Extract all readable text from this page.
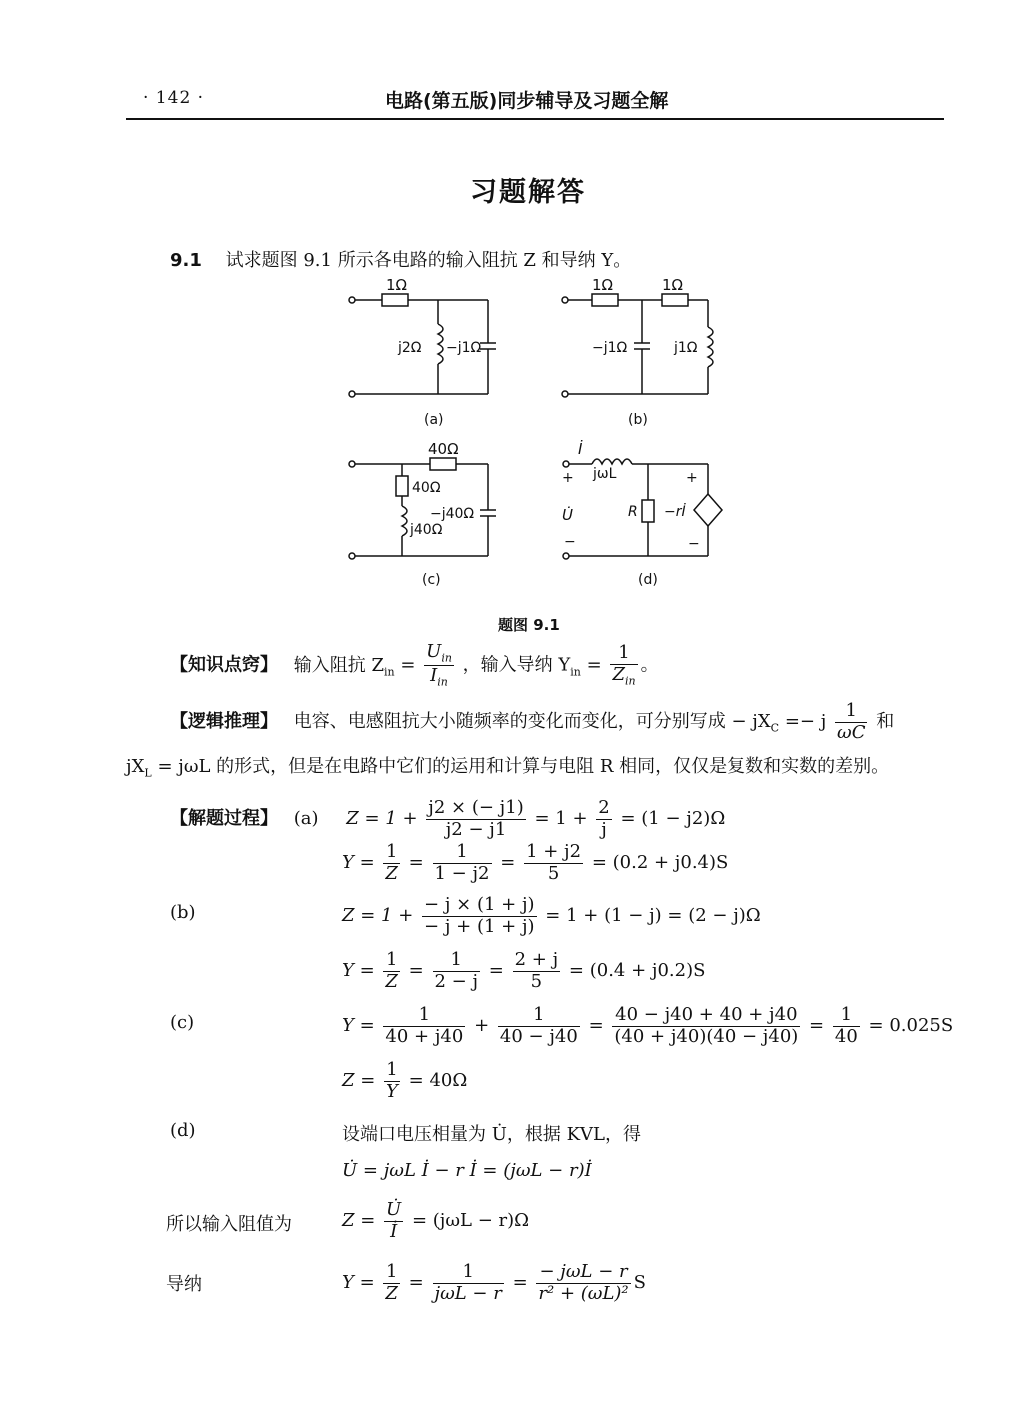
· 142 ·	电路(第五版)同步辅导及习题全解
习题解答
9.1 试求题图 9.1 所示各电路的输入阻抗 Z 和导纳 Y。
1Ω
j2Ω −j1Ω
(a)
1Ω	1Ω
−j1Ω	j1Ω
(b)
40Ω
40Ω
j40Ω
−j40Ω
(c)
İ
+ jωL	+
U̇	R −rİ
−	−
(d)
题图 9.1
【知识点窍】 输入阻抗 $Z_{in} = \frac{U_{in}}{I_{in}}$ ，输入导纳 $Y_{in} = \frac{1}{Z_{in}}$ 。
【逻辑推理】 电容、电感阻抗大小随频率的变化而变化，可分别写成 − $jX_C =- j \frac{1}{\omega C}$ 和
$jX_L = j\omega L$ 的形式，但是在电路中它们的运用和计算与电阻 R 相同，仅仅是复数和实数的差别。
【解题过程】 (a) $Z = 1 + \frac{j2 \times (- j1)}{j2 - j1} = 1 + \frac{2}{j} = (1 - j2)\Omega$
$Y = \frac{1}{Z} = \frac{1}{1 - j2} = \frac{1 + j2}{5} = (0.2 + j0.4)S$
(b)	$Z = 1 + \frac{- j \times (1 + j)}{- j + (1 + j)} = 1 + (1 - j) = (2 - j)\Omega$
$Y = \frac{1}{Z} = \frac{1}{2 - j} = \frac{2 + j}{5} = (0.4 + j0.2)S$
(c)	$Y = \frac{1}{40 + j40} + \frac{1}{40 - j40} = \frac{40 - j40 + 40 + j40}{(40 + j40)(40 - j40)} = \frac{1}{40} = 0.025S$
$Z = \frac{1}{Y} = 40\Omega$
(d)	设端口电压相量为 U̇，根据 KVL，得
U̇ = jωL İ − r İ = (jωL − r)İ
所以输入阻值为	$Z = \frac{U̇}{İ} = (j\omega L - r)\Omega$
导纳	$Y = \frac{1}{Z} = \frac{1}{\text{jωL − r}} = \frac{\text{− jωL − r}}{\text{r² + (ωL)²}}$ S
